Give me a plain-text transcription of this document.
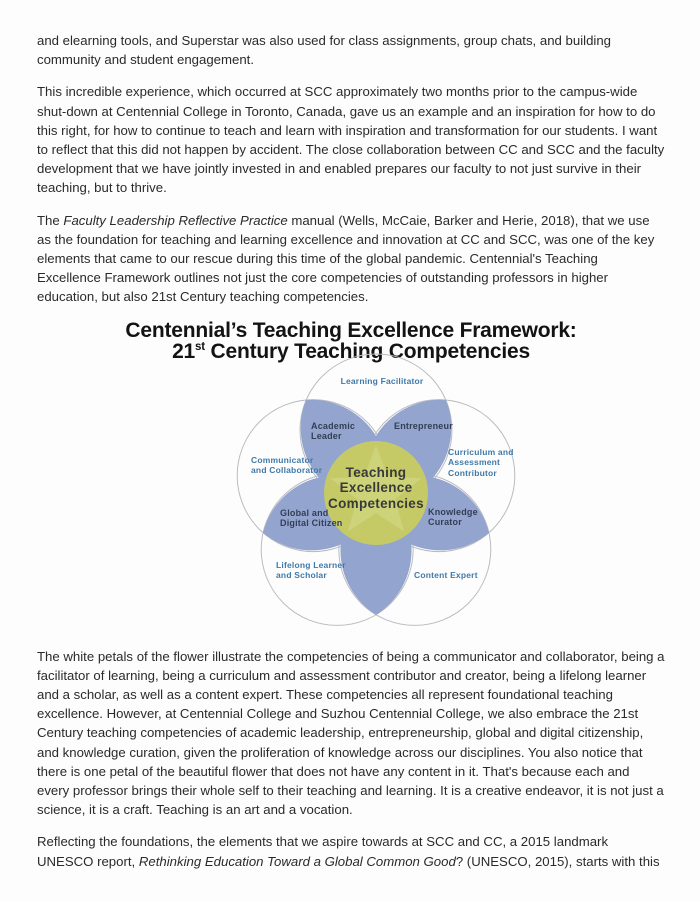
and elearning tools, and Superstar was also used for class assignments, group chats, and building community and student engagement.

This incredible experience, which occurred at SCC approximately two months prior to the campus-wide shut-down at Centennial College in Toronto, Canada, gave us an example and an inspiration for how to do this right, for how to continue to teach and learn with inspiration and transformation for our students. I want to reflect that this did not happen by accident. The close collaboration between CC and SCC and the faculty development that we have jointly invested in and enabled prepares our faculty to not just survive in their teaching, but to thrive.

The Faculty Leadership Reflective Practice manual (Wells, McCaie, Barker and Herie, 2018), that we use as the foundation for teaching and learning excellence and innovation at CC and SCC, was one of the key elements that came to our rescue during this time of the global pandemic. Centennial's Teaching Excellence Framework outlines not just the core competencies of outstanding professors in higher education, but also 21st Century teaching competencies.

Centennial’s Teaching Excellence Framework:
21st Century Teaching Competencies
Learning Facilitator
Academic
Leader
Entrepreneur
Curriculum and
Assessment
Contributor
Communicator
and Collaborator	Teaching
Excellence
Competencies
Knowledge
Curator
Global and
Digital Citizen
Lifelong Learner
and Scholar	Content Expert

The white petals of the flower illustrate the competencies of being a communicator and collaborator, being a facilitator of learning, being a curriculum and assessment contributor and creator, being a lifelong learner and a scholar, as well as a content expert. These competencies all represent foundational teaching excellence. However, at Centennial College and Suzhou Centennial College, we also embrace the 21st Century teaching competencies of academic leadership, entrepreneurship, global and digital citizenship, and knowledge curation, given the proliferation of knowledge across our disciplines. You also notice that there is one petal of the beautiful flower that does not have any content in it. That's because each and every professor brings their whole self to their teaching and learning. It is a creative endeavor, it is not just a science, it is a craft. Teaching is an art and a vocation.

Reflecting the foundations, the elements that we aspire towards at SCC and CC, a 2015 landmark UNESCO report, Rethinking Education Toward a Global Common Good? (UNESCO, 2015), starts with this
